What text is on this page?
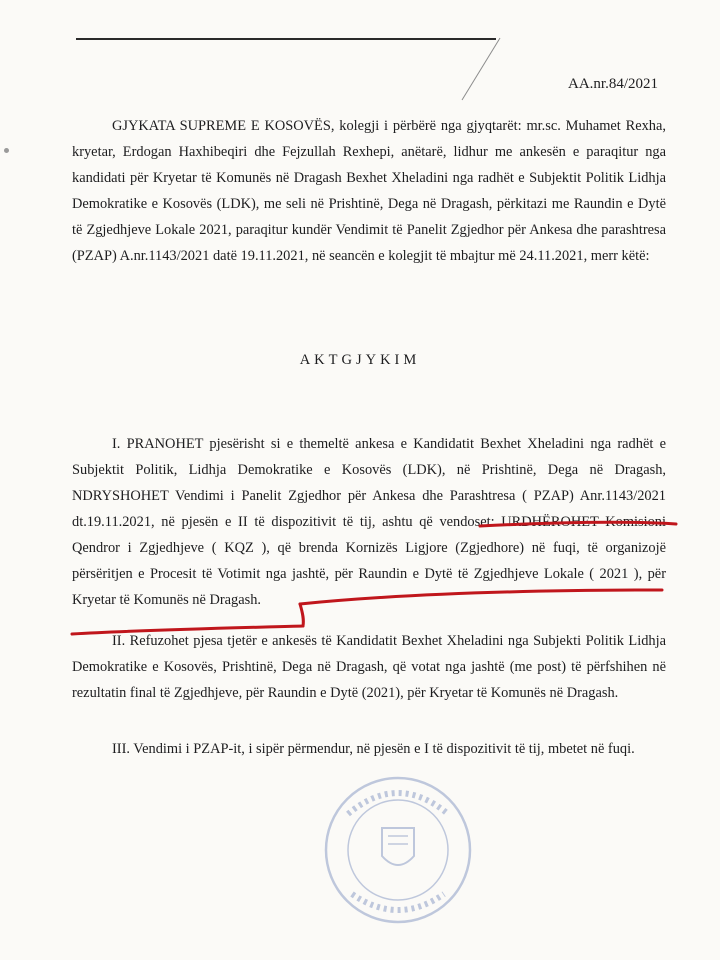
AA.nr.84/2021
GJYKATA SUPREME E KOSOVËS, kolegji i përbërë nga gjyqtarët: mr.sc. Muhamet Rexha, kryetar, Erdogan Haxhibeqiri dhe Fejzullah Rexhepi, anëtarë, lidhur me ankesën e paraqitur nga kandidati për Kryetar të Komunës në Dragash Bexhet Xheladini nga radhët e Subjektit Politik Lidhja Demokratike e Kosovës (LDK), me seli në Prishtinë, Dega në Dragash, përkitazi me Raundin e Dytë të Zgjedhjeve Lokale 2021, paraqitur kundër Vendimit të Panelit Zgjedhor për Ankesa dhe parashtresa (PZAP) A.nr.1143/2021 datë 19.11.2021, në seancën e kolegjit të mbajtur më 24.11.2021, merr këtë:
AKTGJYKIM
I. PRANOHET pjesërisht si e themeltë ankesa e Kandidatit Bexhet Xheladini nga radhët e Subjektit Politik, Lidhja Demokratike e Kosovës (LDK), në Prishtinë, Dega në Dragash, NDRYSHOHET Vendimi i Panelit Zgjedhor për Ankesa dhe Parashtresa ( PZAP) Anr.1143/2021 dt.19.11.2021, në pjesën e II të dispozitivit të tij, ashtu që vendoset: URDHËROHET Komisioni Qendror i Zgjedhjeve ( KQZ ), që brenda Kornizës Ligjore (Zgjedhore) në fuqi, të organizojë përsëritjen e Procesit të Votimit nga jashtë, për Raundin e Dytë të Zgjedhjeve Lokale ( 2021 ), për Kryetar të Komunës në Dragash.
II. Refuzohet pjesa tjetër e ankesës të Kandidatit Bexhet Xheladini nga Subjekti Politik Lidhja Demokratike e Kosovës, Prishtinë, Dega në Dragash, që votat nga jashtë (me post) të përfshihen në rezultatin final të Zgjedhjeve, për Raundin e Dytë (2021), për Kryetar të Komunës në Dragash.
III. Vendimi i PZAP-it, i sipër përmendur, në pjesën e I të dispozitivit të tij, mbetet në fuqi.
